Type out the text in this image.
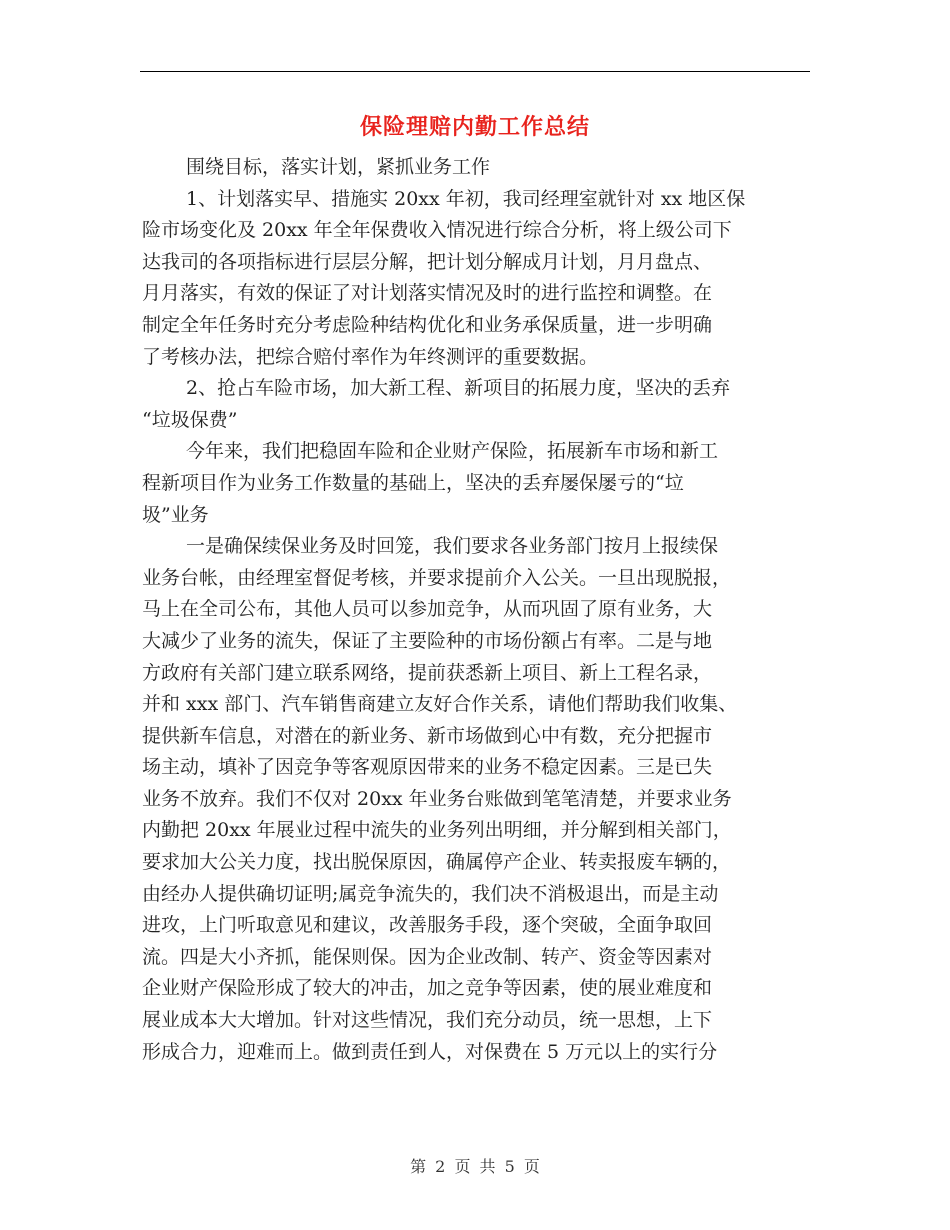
保险理赔内勤工作总结
围绕目标，落实计划，紧抓业务工作
1、计划落实早、措施实 20xx 年初，我司经理室就针对 xx 地区保
险市场变化及 20xx 年全年保费收入情况进行综合分析，将上级公司下
达我司的各项指标进行层层分解，把计划分解成月计划，月月盘点、
月月落实，有效的保证了对计划落实情况及时的进行监控和调整。在
制定全年任务时充分考虑险种结构优化和业务承保质量，进一步明确
了考核办法，把综合赔付率作为年终测评的重要数据。
2、抢占车险市场，加大新工程、新项目的拓展力度，坚决的丢弃
“垃圾保费”
今年来，我们把稳固车险和企业财产保险，拓展新车市场和新工
程新项目作为业务工作数量的基础上，坚决的丢弃屡保屡亏的“垃
圾”业务
一是确保续保业务及时回笼，我们要求各业务部门按月上报续保
业务台帐，由经理室督促考核，并要求提前介入公关。一旦出现脱报，
马上在全司公布，其他人员可以参加竞争，从而巩固了原有业务，大
大减少了业务的流失，保证了主要险种的市场份额占有率。二是与地
方政府有关部门建立联系网络，提前获悉新上项目、新上工程名录，
并和 xxx 部门、汽车销售商建立友好合作关系，请他们帮助我们收集、
提供新车信息，对潜在的新业务、新市场做到心中有数，充分把握市
场主动，填补了因竞争等客观原因带来的业务不稳定因素。三是已失
业务不放弃。我们不仅对 20xx 年业务台账做到笔笔清楚，并要求业务
内勤把 20xx 年展业过程中流失的业务列出明细，并分解到相关部门，
要求加大公关力度，找出脱保原因，确属停产企业、转卖报废车辆的，
由经办人提供确切证明;属竞争流失的，我们决不消极退出，而是主动
进攻，上门听取意见和建议，改善服务手段，逐个突破，全面争取回
流。四是大小齐抓，能保则保。因为企业改制、转产、资金等因素对
企业财产保险形成了较大的冲击，加之竞争等因素，使的展业难度和
展业成本大大增加。针对这些情况，我们充分动员，统一思想，上下
形成合力，迎难而上。做到责任到人，对保费在 5 万元以上的实行分
第 2 页 共 5 页
